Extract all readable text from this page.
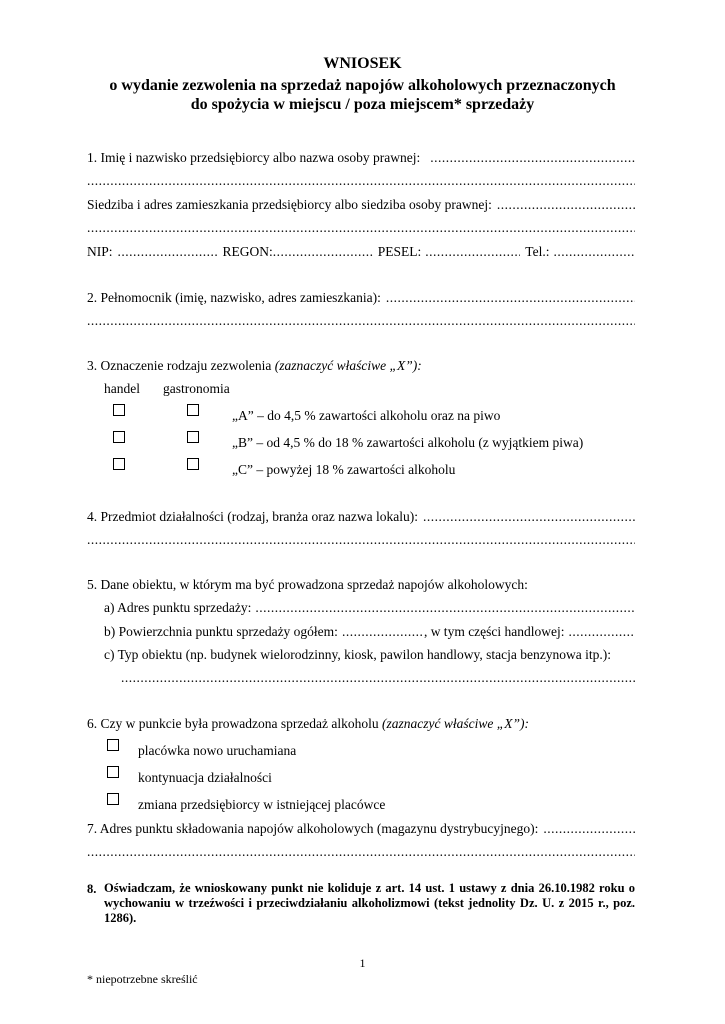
WNIOSEK
o wydanie zezwolenia na sprzedaż napojów alkoholowych przeznaczonych
do spożycia w miejscu / poza miejscem* sprzedaży
1. Imię i nazwisko przedsiębiorcy albo nazwa osoby prawnej:
.....
.....
Siedziba i adres zamieszkania przedsiębiorcy albo siedziba osoby prawnej:
.....
.....
NIP: .....	REGON: .....	PESEL: .....	Tel.:
.....
2. Pełnomocnik (imię, nazwisko, adres zamieszkania):
.....
.....
3. Oznaczenie rodzaju zezwolenia (zaznaczyć właściwe „X”):
handel gastronomia
„A” – do 4,5 % zawartości alkoholu oraz na piwo
„B” – od 4,5 % do 18 % zawartości alkoholu (z wyjątkiem piwa)
„C” – powyżej 18 % zawartości alkoholu
4. Przedmiot działalności (rodzaj, branża oraz nazwa lokalu):
.....
.....
5. Dane obiektu, w którym ma być prowadzona sprzedaż napojów alkoholowych:
a) Adres punktu sprzedaży:
.....
b) Powierzchnia punktu sprzedaży ogółem: .....	, w tym części handlowej:
.....
c) Typ obiektu (np. budynek wielorodzinny, kiosk, pawilon handlowy, stacja benzynowa itp.):
.....
6. Czy w punkcie była prowadzona sprzedaż alkoholu (zaznaczyć właściwe „X”):
placówka nowo uruchamiana
kontynuacja działalności
zmiana przedsiębiorcy w istniejącej placówce
7. Adres punktu składowania napojów alkoholowych (magazynu dystrybucyjnego):
.....
.....
8. Oświadczam, że wnioskowany punkt nie koliduje z art. 14 ust. 1 ustawy z dnia 26.10.1982 roku o wychowaniu w trzeźwości i przeciwdziałaniu alkoholizmowi (tekst jednolity Dz. U. z 2015 r., poz. 1286).
1
* niepotrzebne skreślić
